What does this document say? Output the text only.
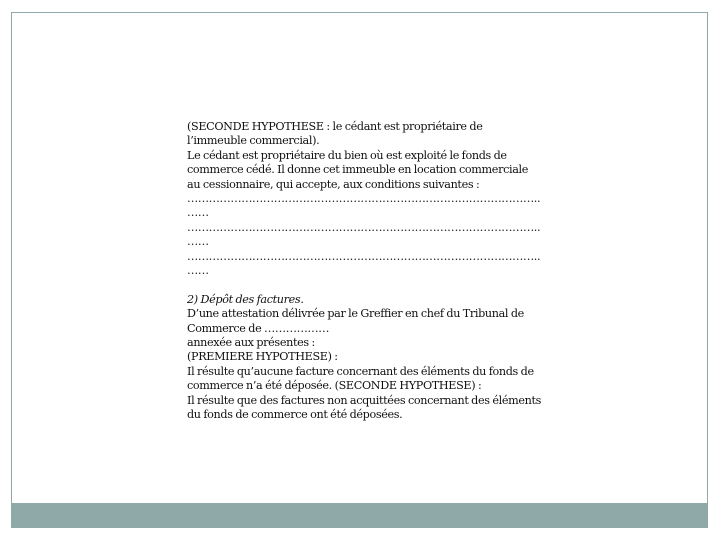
(SECONDE HYPOTHESE : le cédant est propriétaire de

l’immeuble commercial).

Le cédant est propriétaire du bien où est exploité le fonds de

commerce cédé. Il donne cet immeuble en location commerciale

au cessionnaire, qui accepte, aux conditions suivantes :

……………………………………………………………………………………..

……

……………………………………………………………………………………..

……

……………………………………………………………………………………..

……

2) Dépôt des factures.

D’une attestation délivrée par le Greffier en chef du Tribunal de

Commerce de ………………

annexée aux présentes :

(PREMIERE HYPOTHESE) :

Il résulte qu’aucune facture concernant des éléments du fonds de

commerce n’a été déposée. (SECONDE HYPOTHESE) :

Il résulte que des factures non acquittées concernant des éléments

du fonds de commerce ont été déposées.
